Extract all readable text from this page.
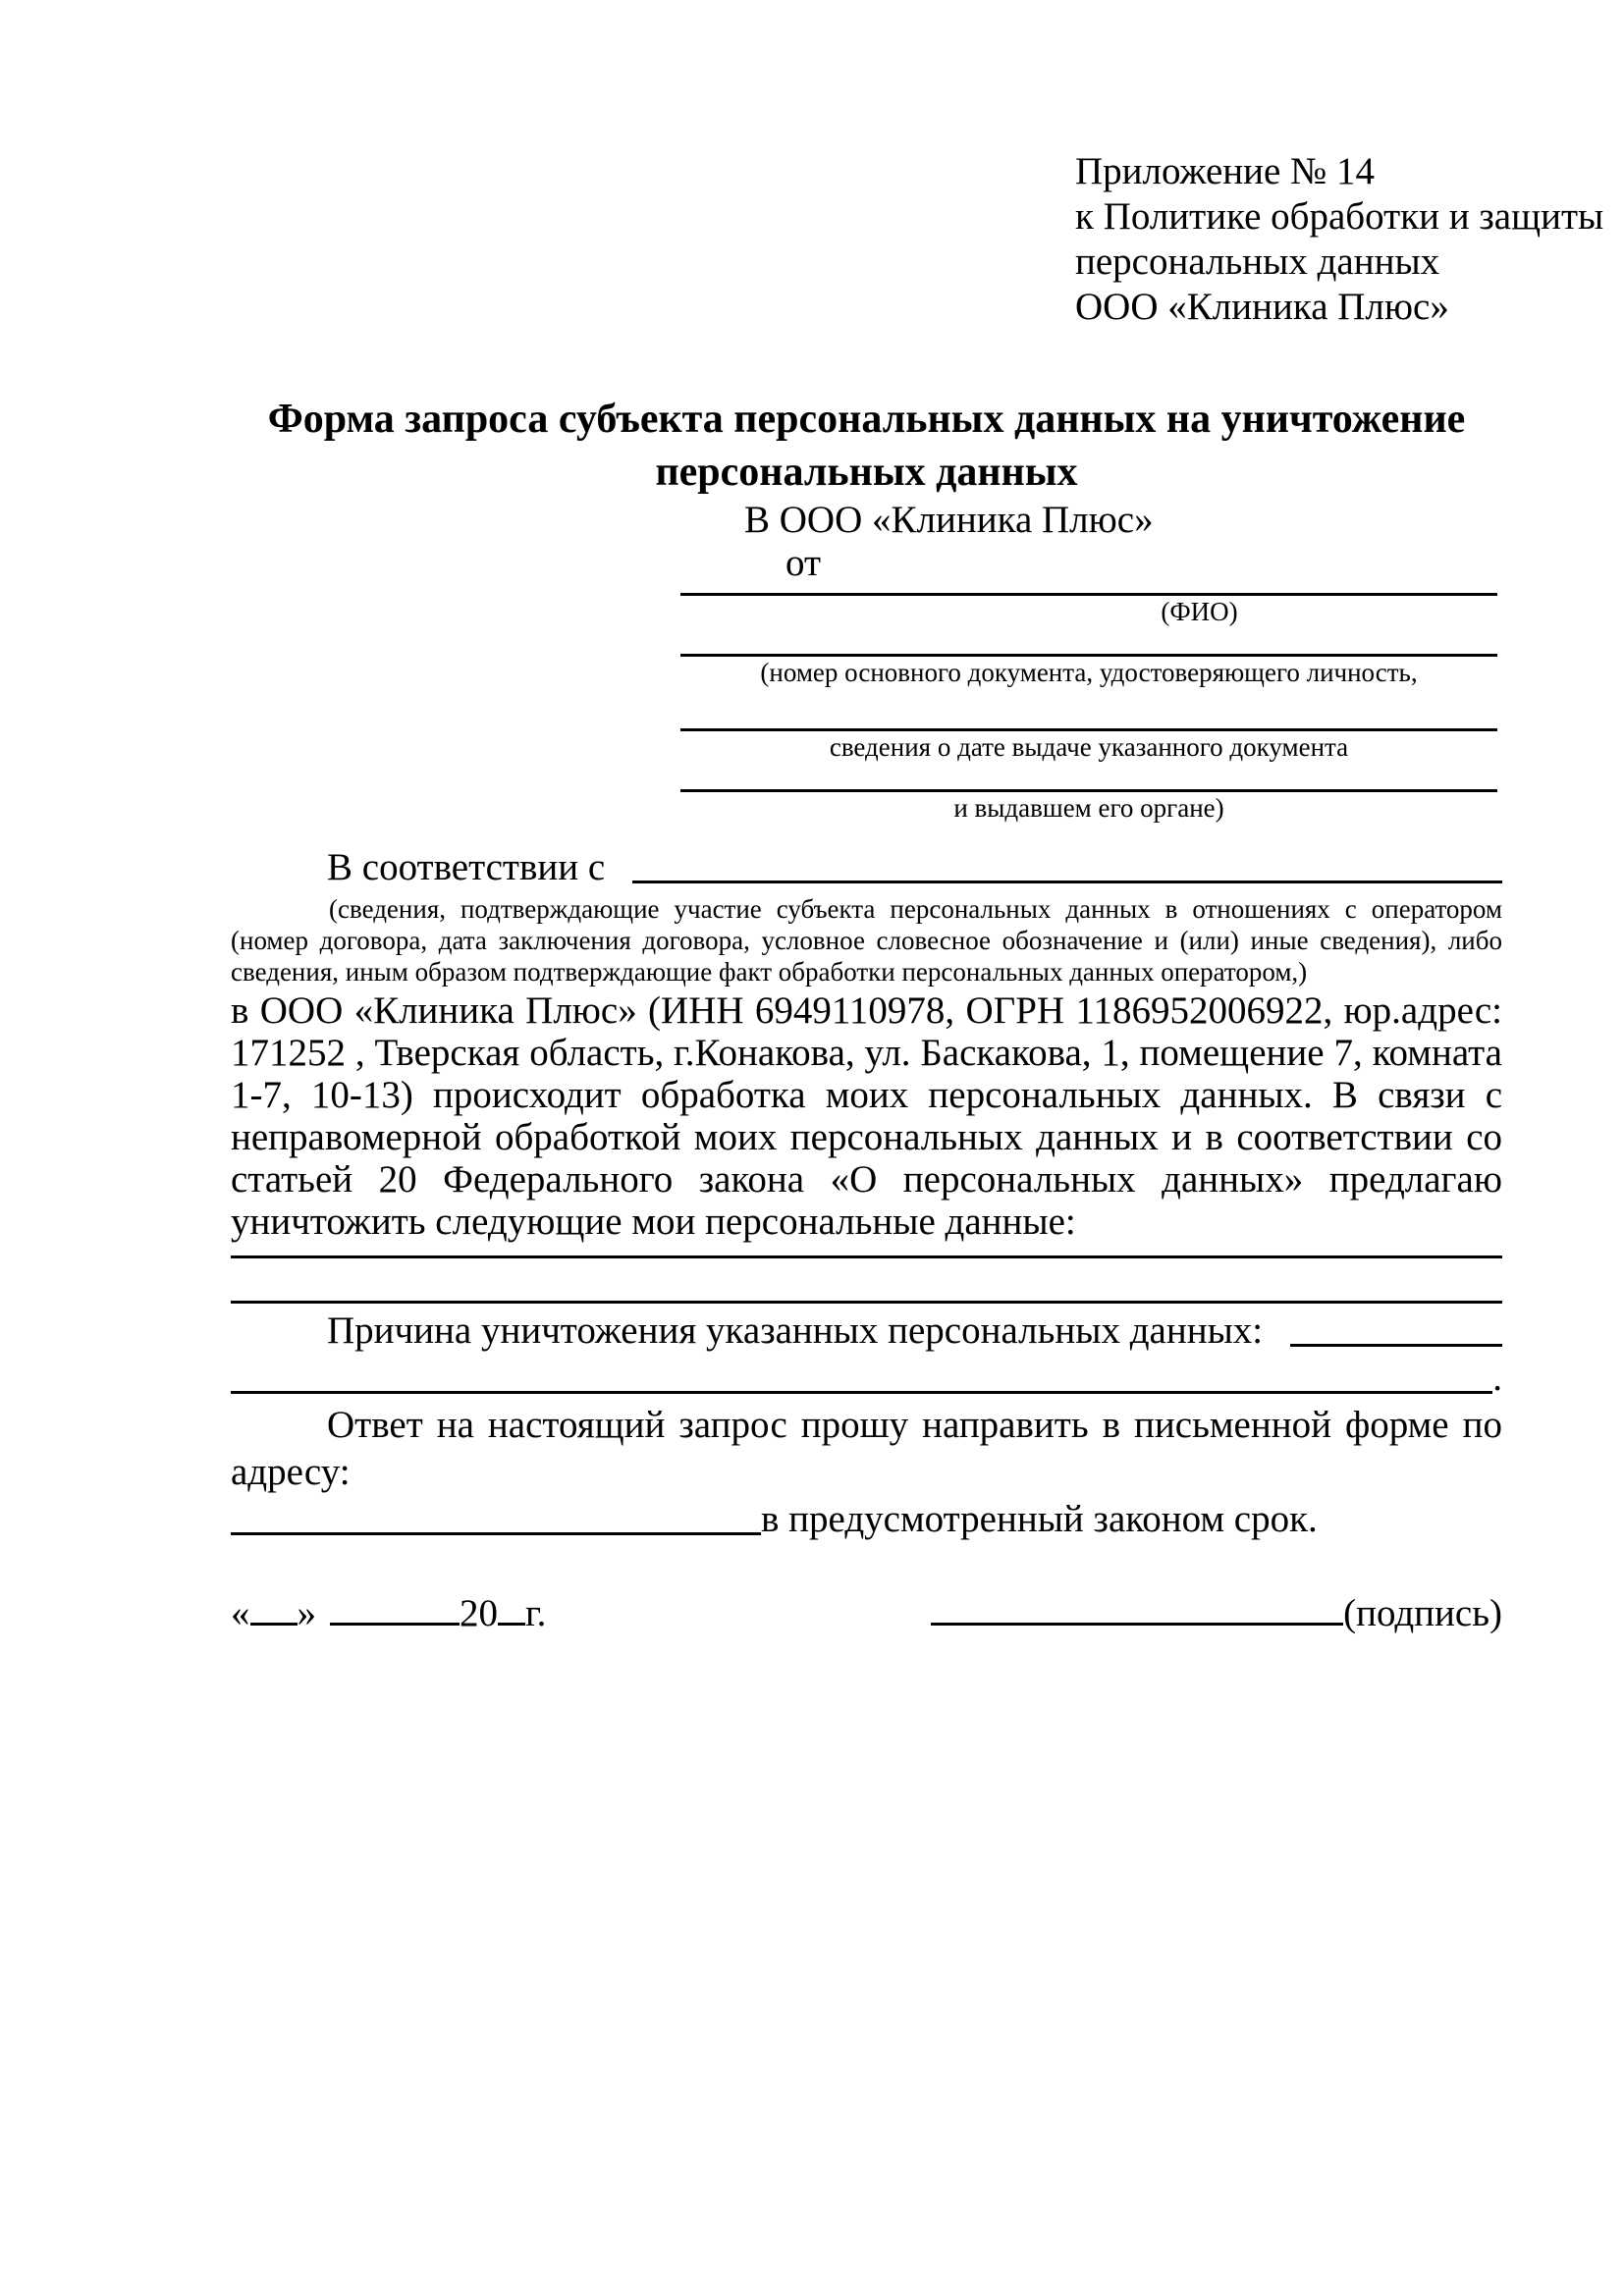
Приложение № 14
к Политике обработки и защиты
персональных данных
ООО «Клиника Плюс»
Форма запроса субъекта персональных данных на уничтожение персональных данных
В ООО «Клиника Плюс»
от
(ФИО)
(номер основного документа, удостоверяющего личность,
сведения о дате выдаче указанного документа
и выдавшем его органе)
В соответствии с
(сведения, подтверждающие участие субъекта персональных данных в отношениях с оператором (номер договора, дата заключения договора, условное словесное обозначение и (или) иные сведения), либо сведения, иным образом подтверждающие факт обработки персональных данных оператором,)
в ООО «Клиника Плюс» (ИНН 6949110978, ОГРН 1186952006922, юр.адрес: 171252 , Тверская область, г.Конакова, ул. Баскакова, 1, помещение 7, комната 1-7, 10-13) происходит обработка моих персональных данных. В связи с неправомерной обработкой моих персональных данных и в соответствии со статьей 20 Федерального закона «О персональных данных» предлагаю уничтожить следующие мои персональные данные:
Причина уничтожения указанных персональных данных:
.
Ответ на настоящий запрос прошу направить в письменной форме по адресу:
в предусмотренный законом срок.
« »	20 г.	(подпись)
